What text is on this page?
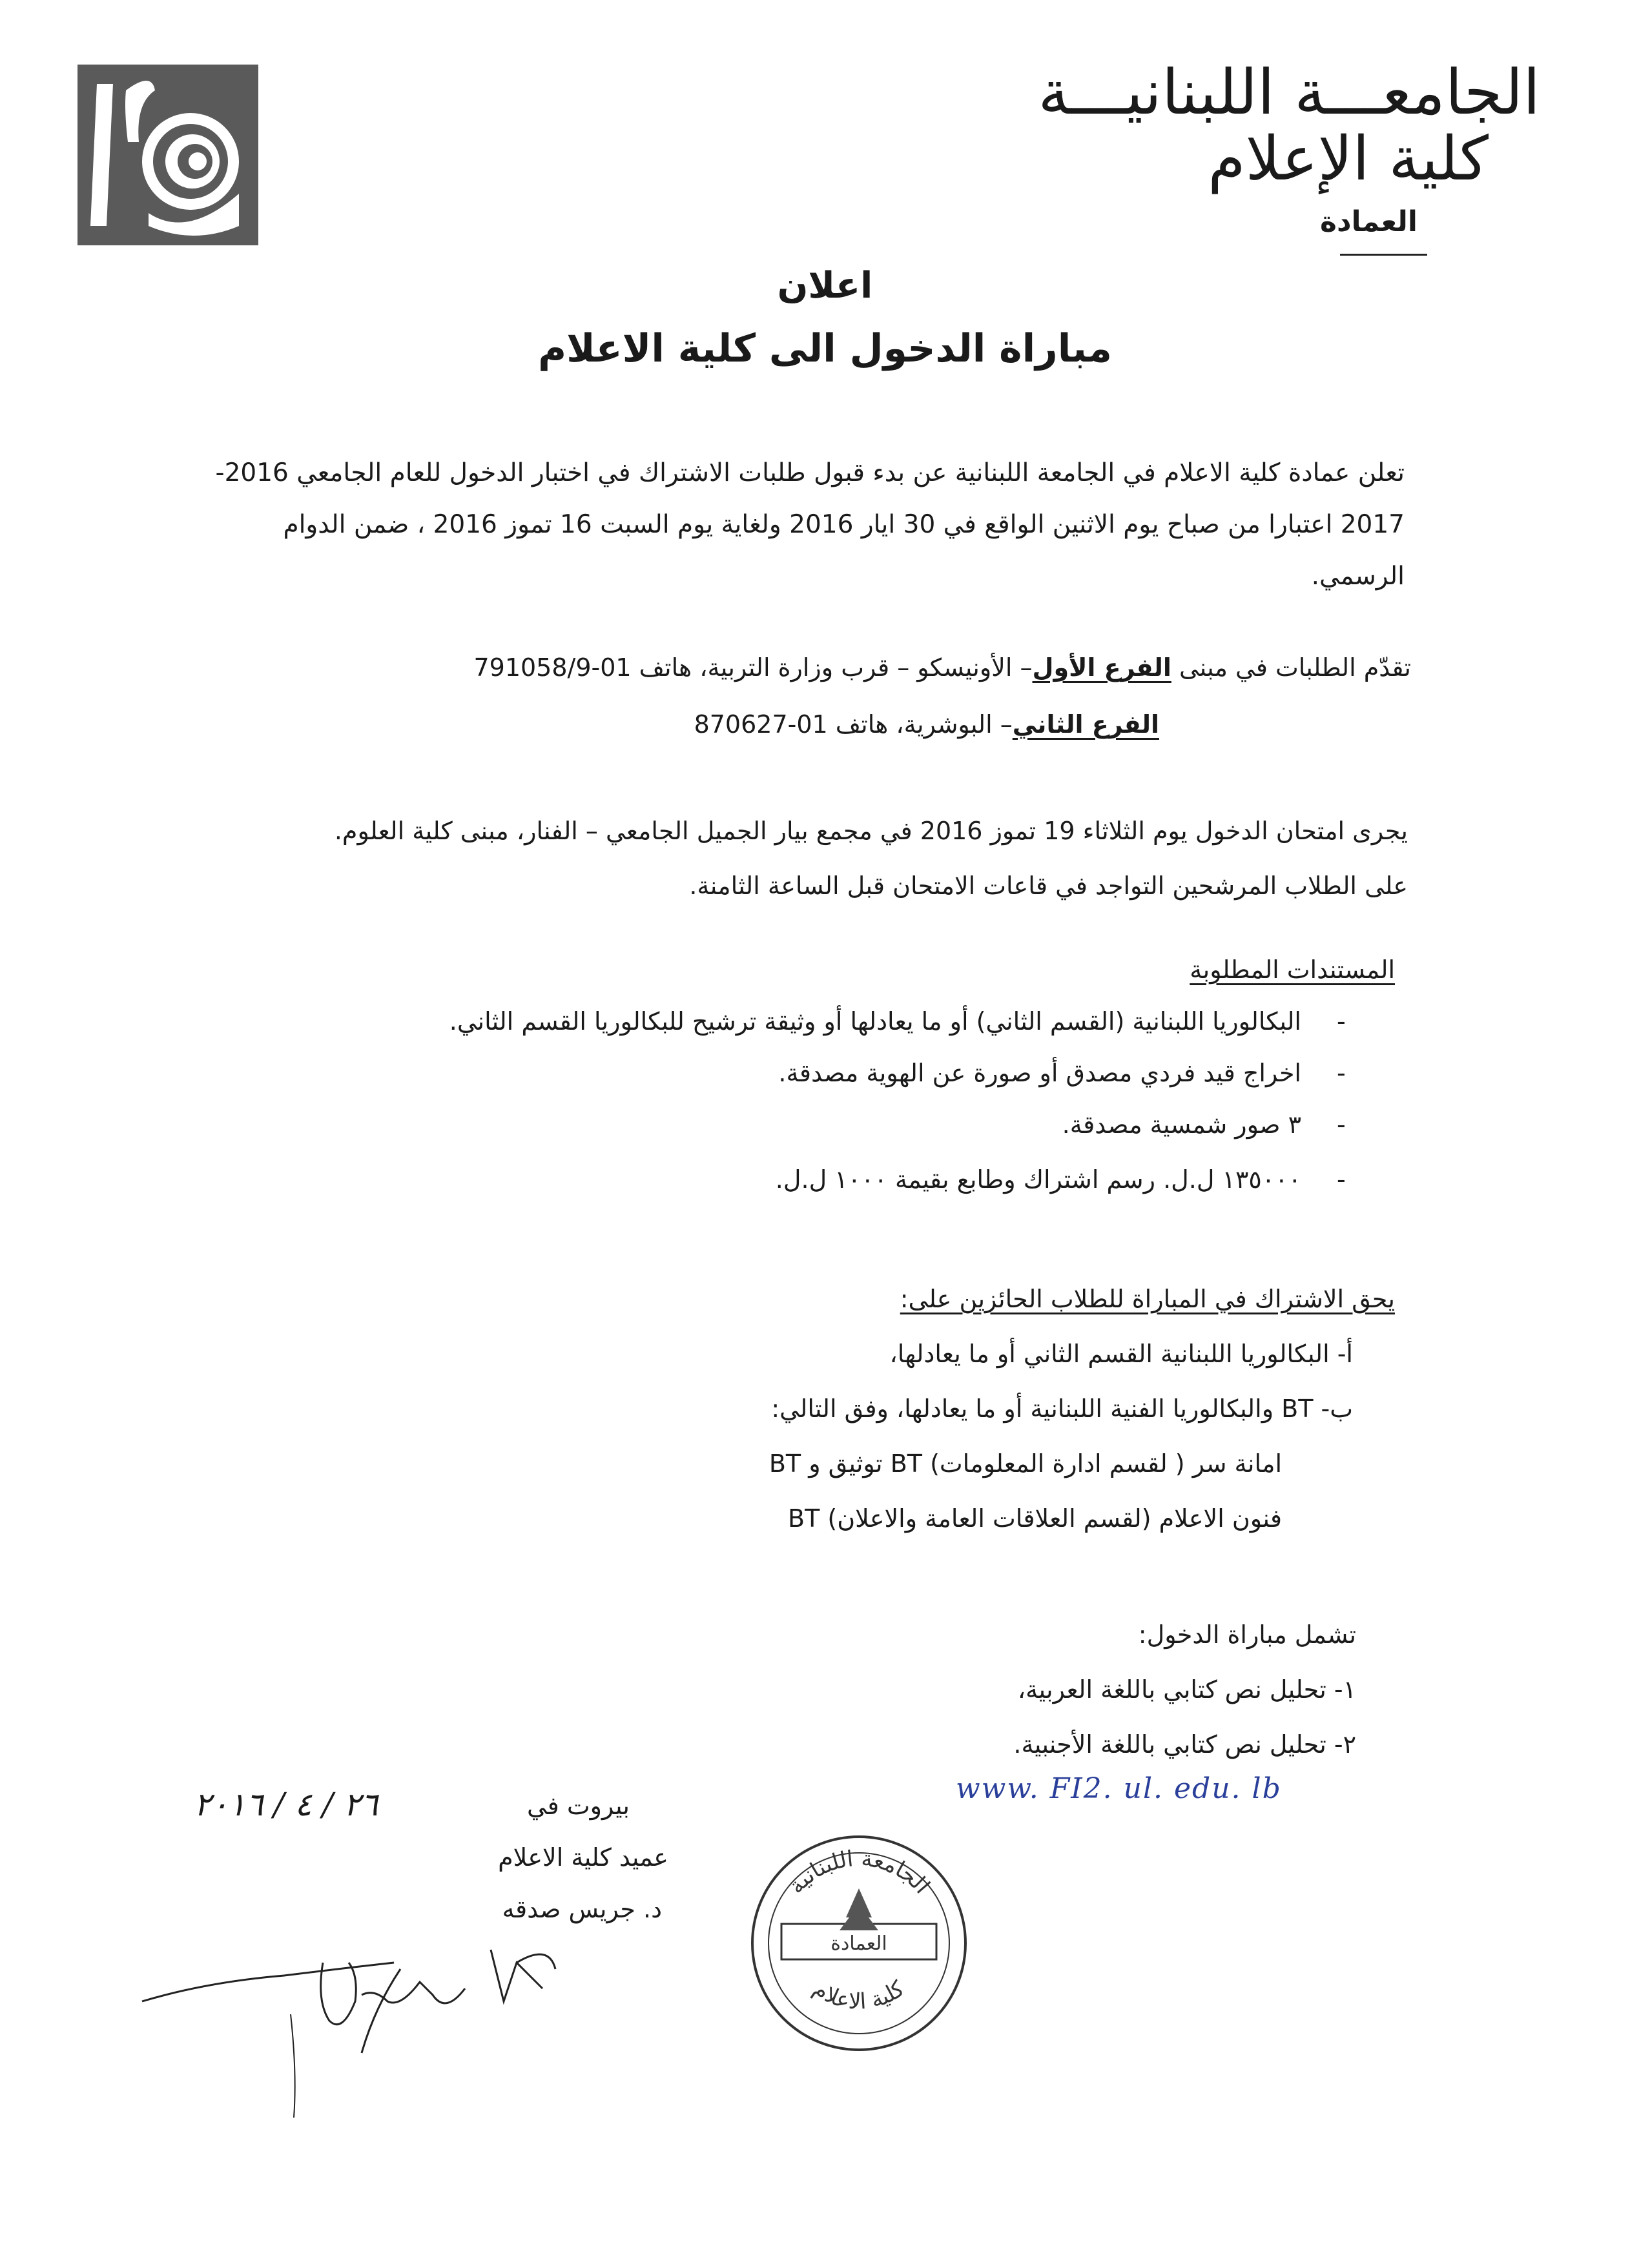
الجامعـــة اللبنانيـــة
كلية الإعلام
العمادة
اعلان
مباراة الدخول الى كلية الاعلام
تعلن عمادة كلية الاعلام في الجامعة اللبنانية عن بدء قبول طلبات الاشتراك في اختبار الدخول للعام الجامعي 2016-
2017 اعتبارا من صباح يوم الاثنين الواقع في 30 ايار 2016 ولغاية يوم السبت 16 تموز 2016 ، ضمن الدوام
الرسمي.
تقدّم الطلبات في مبنى الفرع الأول– الأونيسكو – قرب وزارة التربية، هاتف 01-791058/9
الفرع الثاني– البوشرية، هاتف 01-870627
يجرى امتحان الدخول يوم الثلاثاء 19 تموز 2016 في مجمع بيار الجميل الجامعي – الفنار، مبنى كلية العلوم.
على الطلاب المرشحين التواجد في قاعات الامتحان قبل الساعة الثامنة.
المستندات المطلوبة
-
البكالوريا اللبنانية (القسم الثاني) أو ما يعادلها أو وثيقة ترشيح للبكالوريا القسم الثاني.
-
اخراج قيد فردي مصدق أو صورة عن الهوية مصدقة.
-
٣ صور شمسية مصدقة.
-
١٣٥٠٠٠ ل.ل. رسم اشتراك وطابع بقيمة ١٠٠٠ ل.ل.
يحق الاشتراك في المباراة للطلاب الحائزين على:
أ- البكالوريا اللبنانية القسم الثاني أو ما يعادلها،
ب- BT والبكالوريا الفنية اللبنانية أو ما يعادلها، وفق التالي:
BT توثيق و BT امانة سر ( لقسم ادارة المعلومات)
BT فنون الاعلام (لقسم العلاقات العامة والاعلان)
تشمل مباراة الدخول:
١- تحليل نص كتابي باللغة العربية،
٢- تحليل نص كتابي باللغة الأجنبية.
www. FI2. ul. edu. lb
بيروت في
٢٦ / ٤ / ٢٠١٦
عميد كلية الاعلام
د. جريس صدقه
الجامعة اللبنانية
العمادة
كلية الاعلام
